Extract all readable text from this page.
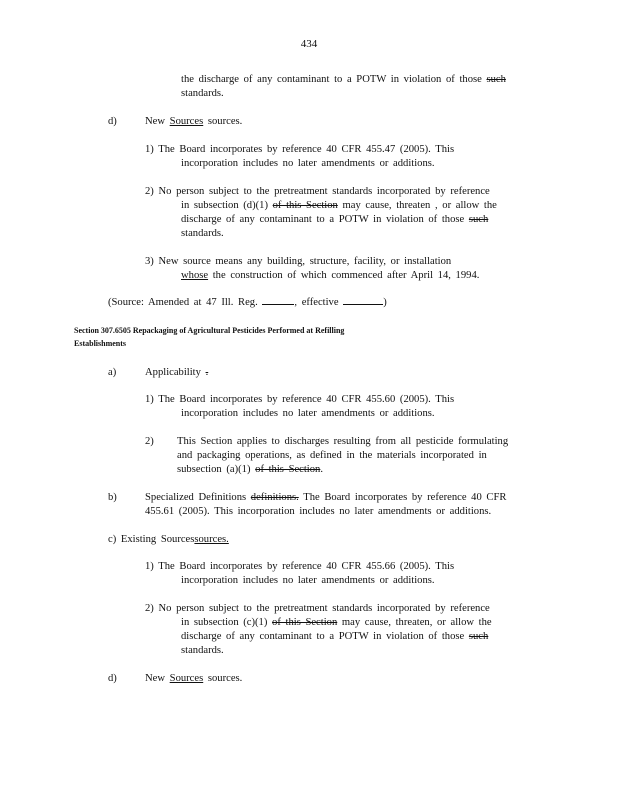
434
the discharge of any contaminant to a POTW in violation of those such
standards.
d)	New Sources sources.
1) The Board incorporates by reference 40 CFR 455.47 (2005). This
incorporation includes no later amendments or additions.
2) No person subject to the pretreatment standards incorporated by reference
in subsection (d)(1) of this Section may cause, threaten , or allow the
discharge of any contaminant to a POTW in violation of those such
standards.
3) New source means any building, structure, facility, or installation
whose the construction of which commenced after April 14, 1994.
(Source: Amended at 47 Ill. Reg.	, effective	)
Section 307.6505 Repackaging of Agricultural Pesticides Performed at Refilling
Establishments
a)	Applicability .
1) The Board incorporates by reference 40 CFR 455.60 (2005). This
incorporation includes no later amendments or additions.
2) This Section applies to discharges resulting from all pesticide formulating
and packaging operations, as defined in the materials incorporated in
subsection (a)(1) of this Section.
b)	Specialized Definitions definitions. The Board incorporates by reference 40 CFR
455.61 (2005). This incorporation includes no later amendments or additions.
c) Existing Sourcessources.
1) The Board incorporates by reference 40 CFR 455.66 (2005). This
incorporation includes no later amendments or additions.
2) No person subject to the pretreatment standards incorporated by reference
in subsection (c)(1) of this Section may cause, threaten, or allow the
discharge of any contaminant to a POTW in violation of those such
standards.
d)	New Sources sources.
